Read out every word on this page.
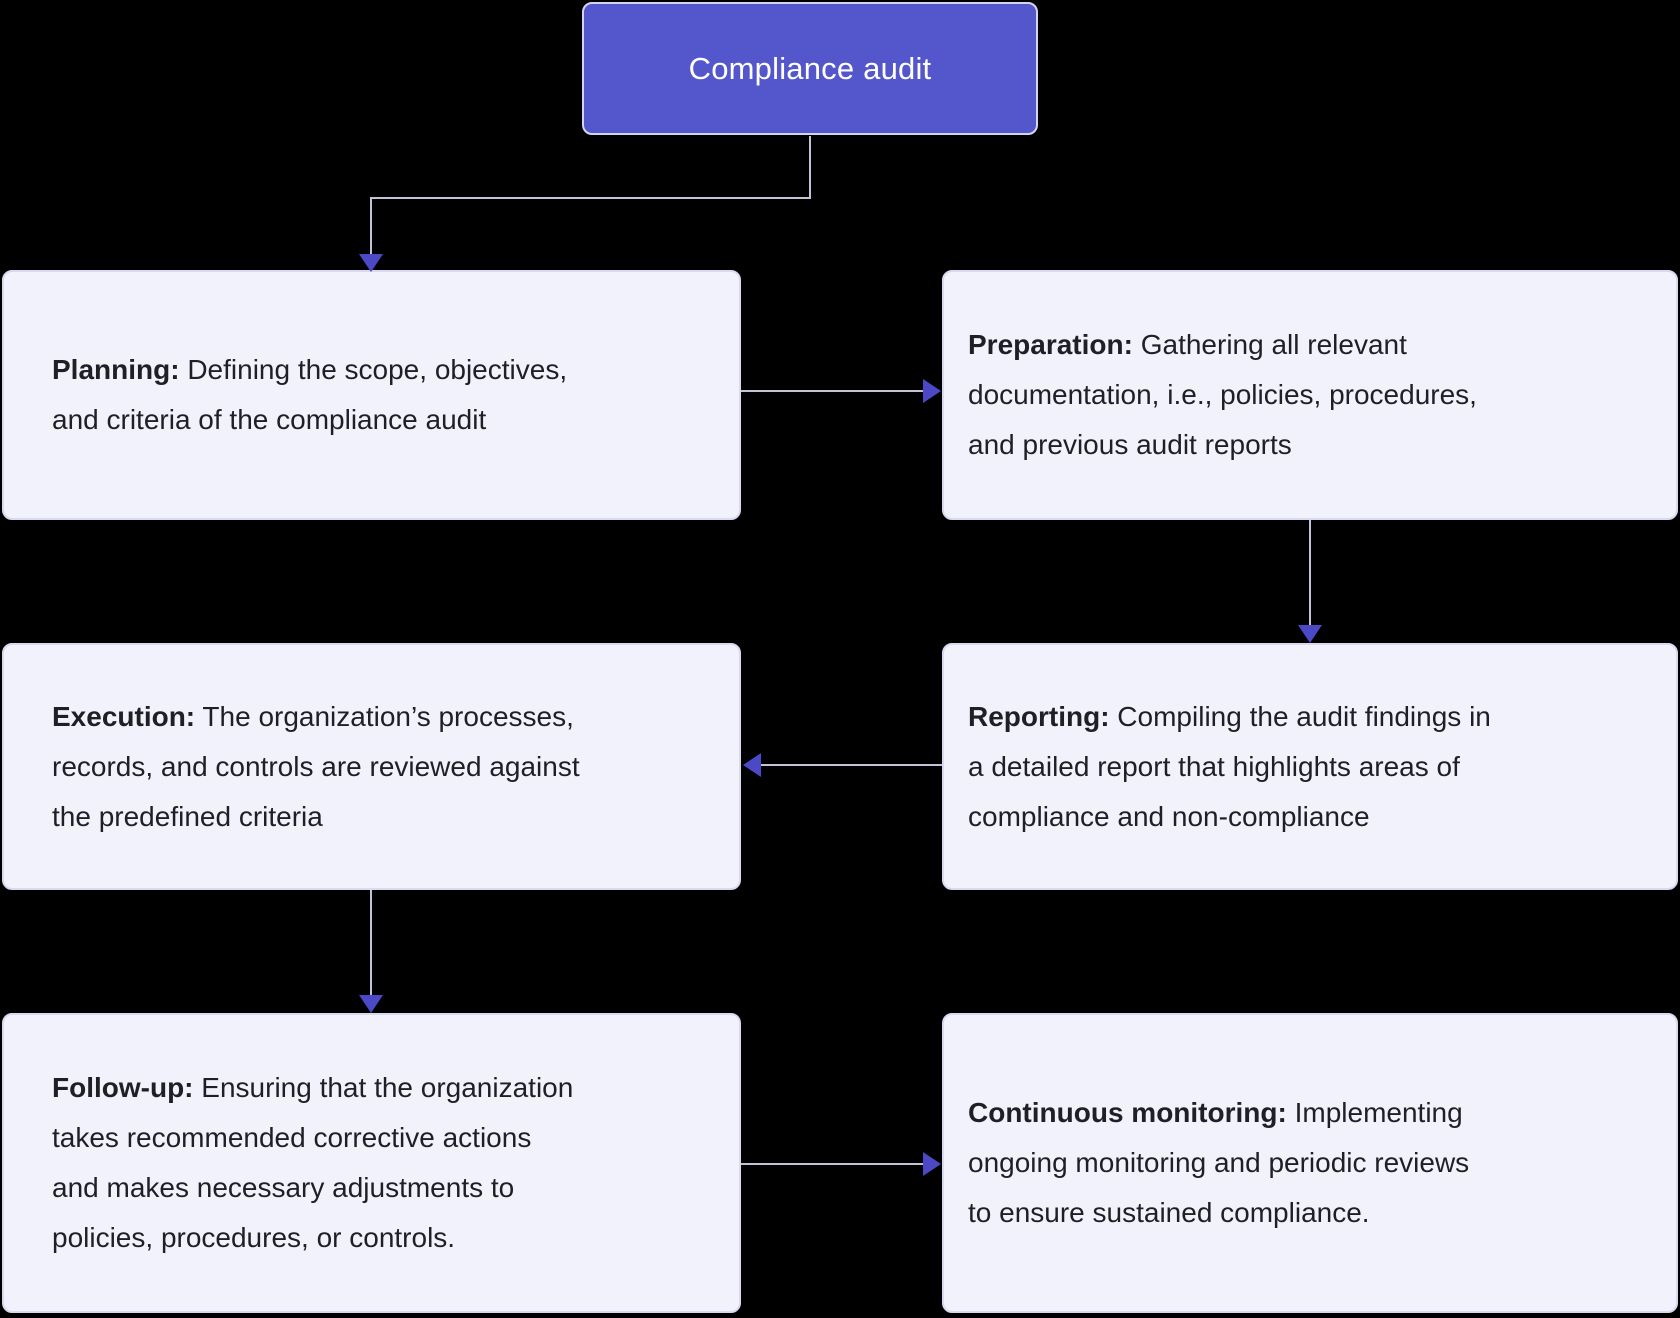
Compliance audit
Planning: Defining the scope, objectives,
and criteria of the compliance audit
Preparation: Gathering all relevant
documentation, i.e., policies, procedures,
and previous audit reports
Execution: The organization’s processes,
records, and controls are reviewed against
the predefined criteria
Reporting: Compiling the audit findings in
a detailed report that highlights areas of
compliance and non-compliance
Follow-up: Ensuring that the organization
takes recommended corrective actions
and makes necessary adjustments to
policies, procedures, or controls.
Continuous monitoring: Implementing
ongoing monitoring and periodic reviews
to ensure sustained compliance.
